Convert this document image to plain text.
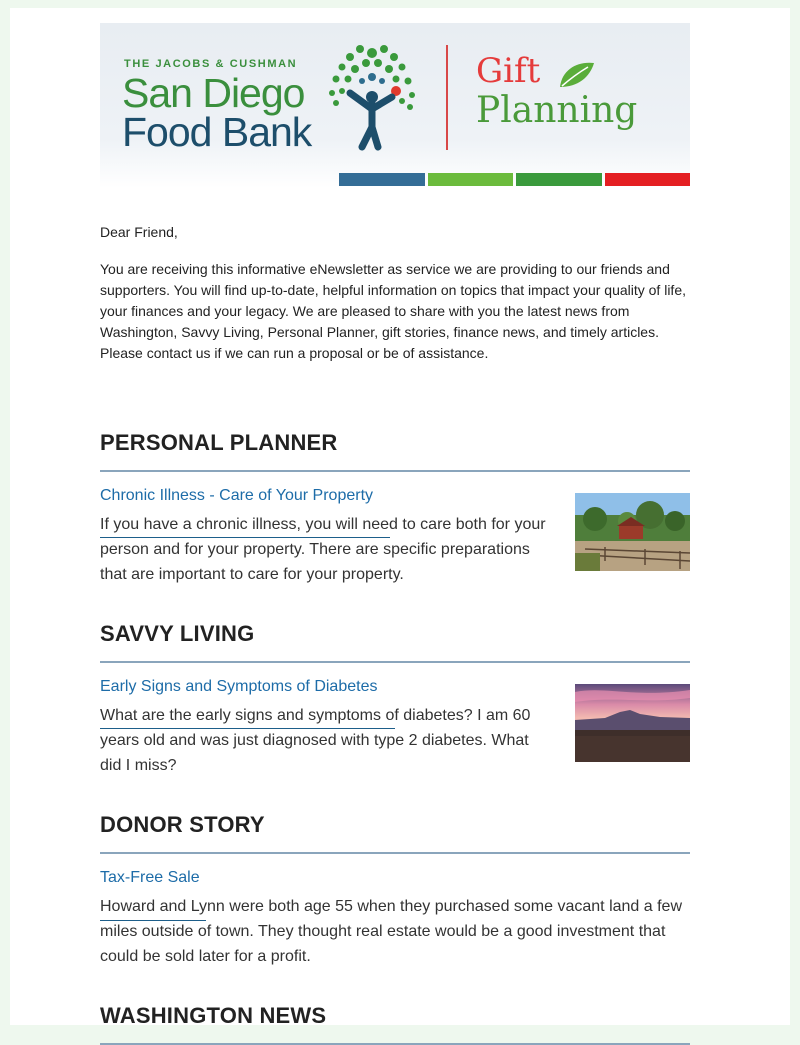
THE JACOBS & CUSHMAN
San Diego
Food Bank
Gift
Planning
Dear Friend,
You are receiving this informative eNewsletter as service we are providing to our friends and supporters. You will find up-to-date, helpful information on topics that impact your quality of life, your finances and your legacy. We are pleased to share with you the latest news from Washington, Savvy Living, Personal Planner, gift stories, finance news, and timely articles. Please contact us if we can run a proposal or be of assistance.
PERSONAL PLANNER
Chronic Illness - Care of Your Property
If you have a chronic illness, you will need to care both for your person and for your property. There are specific preparations that are important to care for your property.
SAVVY LIVING
Early Signs and Symptoms of Diabetes
What are the early signs and symptoms of diabetes? I am 60 years old and was just diagnosed with type 2 diabetes. What did I miss?
DONOR STORY
Tax-Free Sale
Howard and Lynn were both age 55 when they purchased some vacant land a few miles outside of town. They thought real estate would be a good investment that could be sold later for a profit.
WASHINGTON NEWS
